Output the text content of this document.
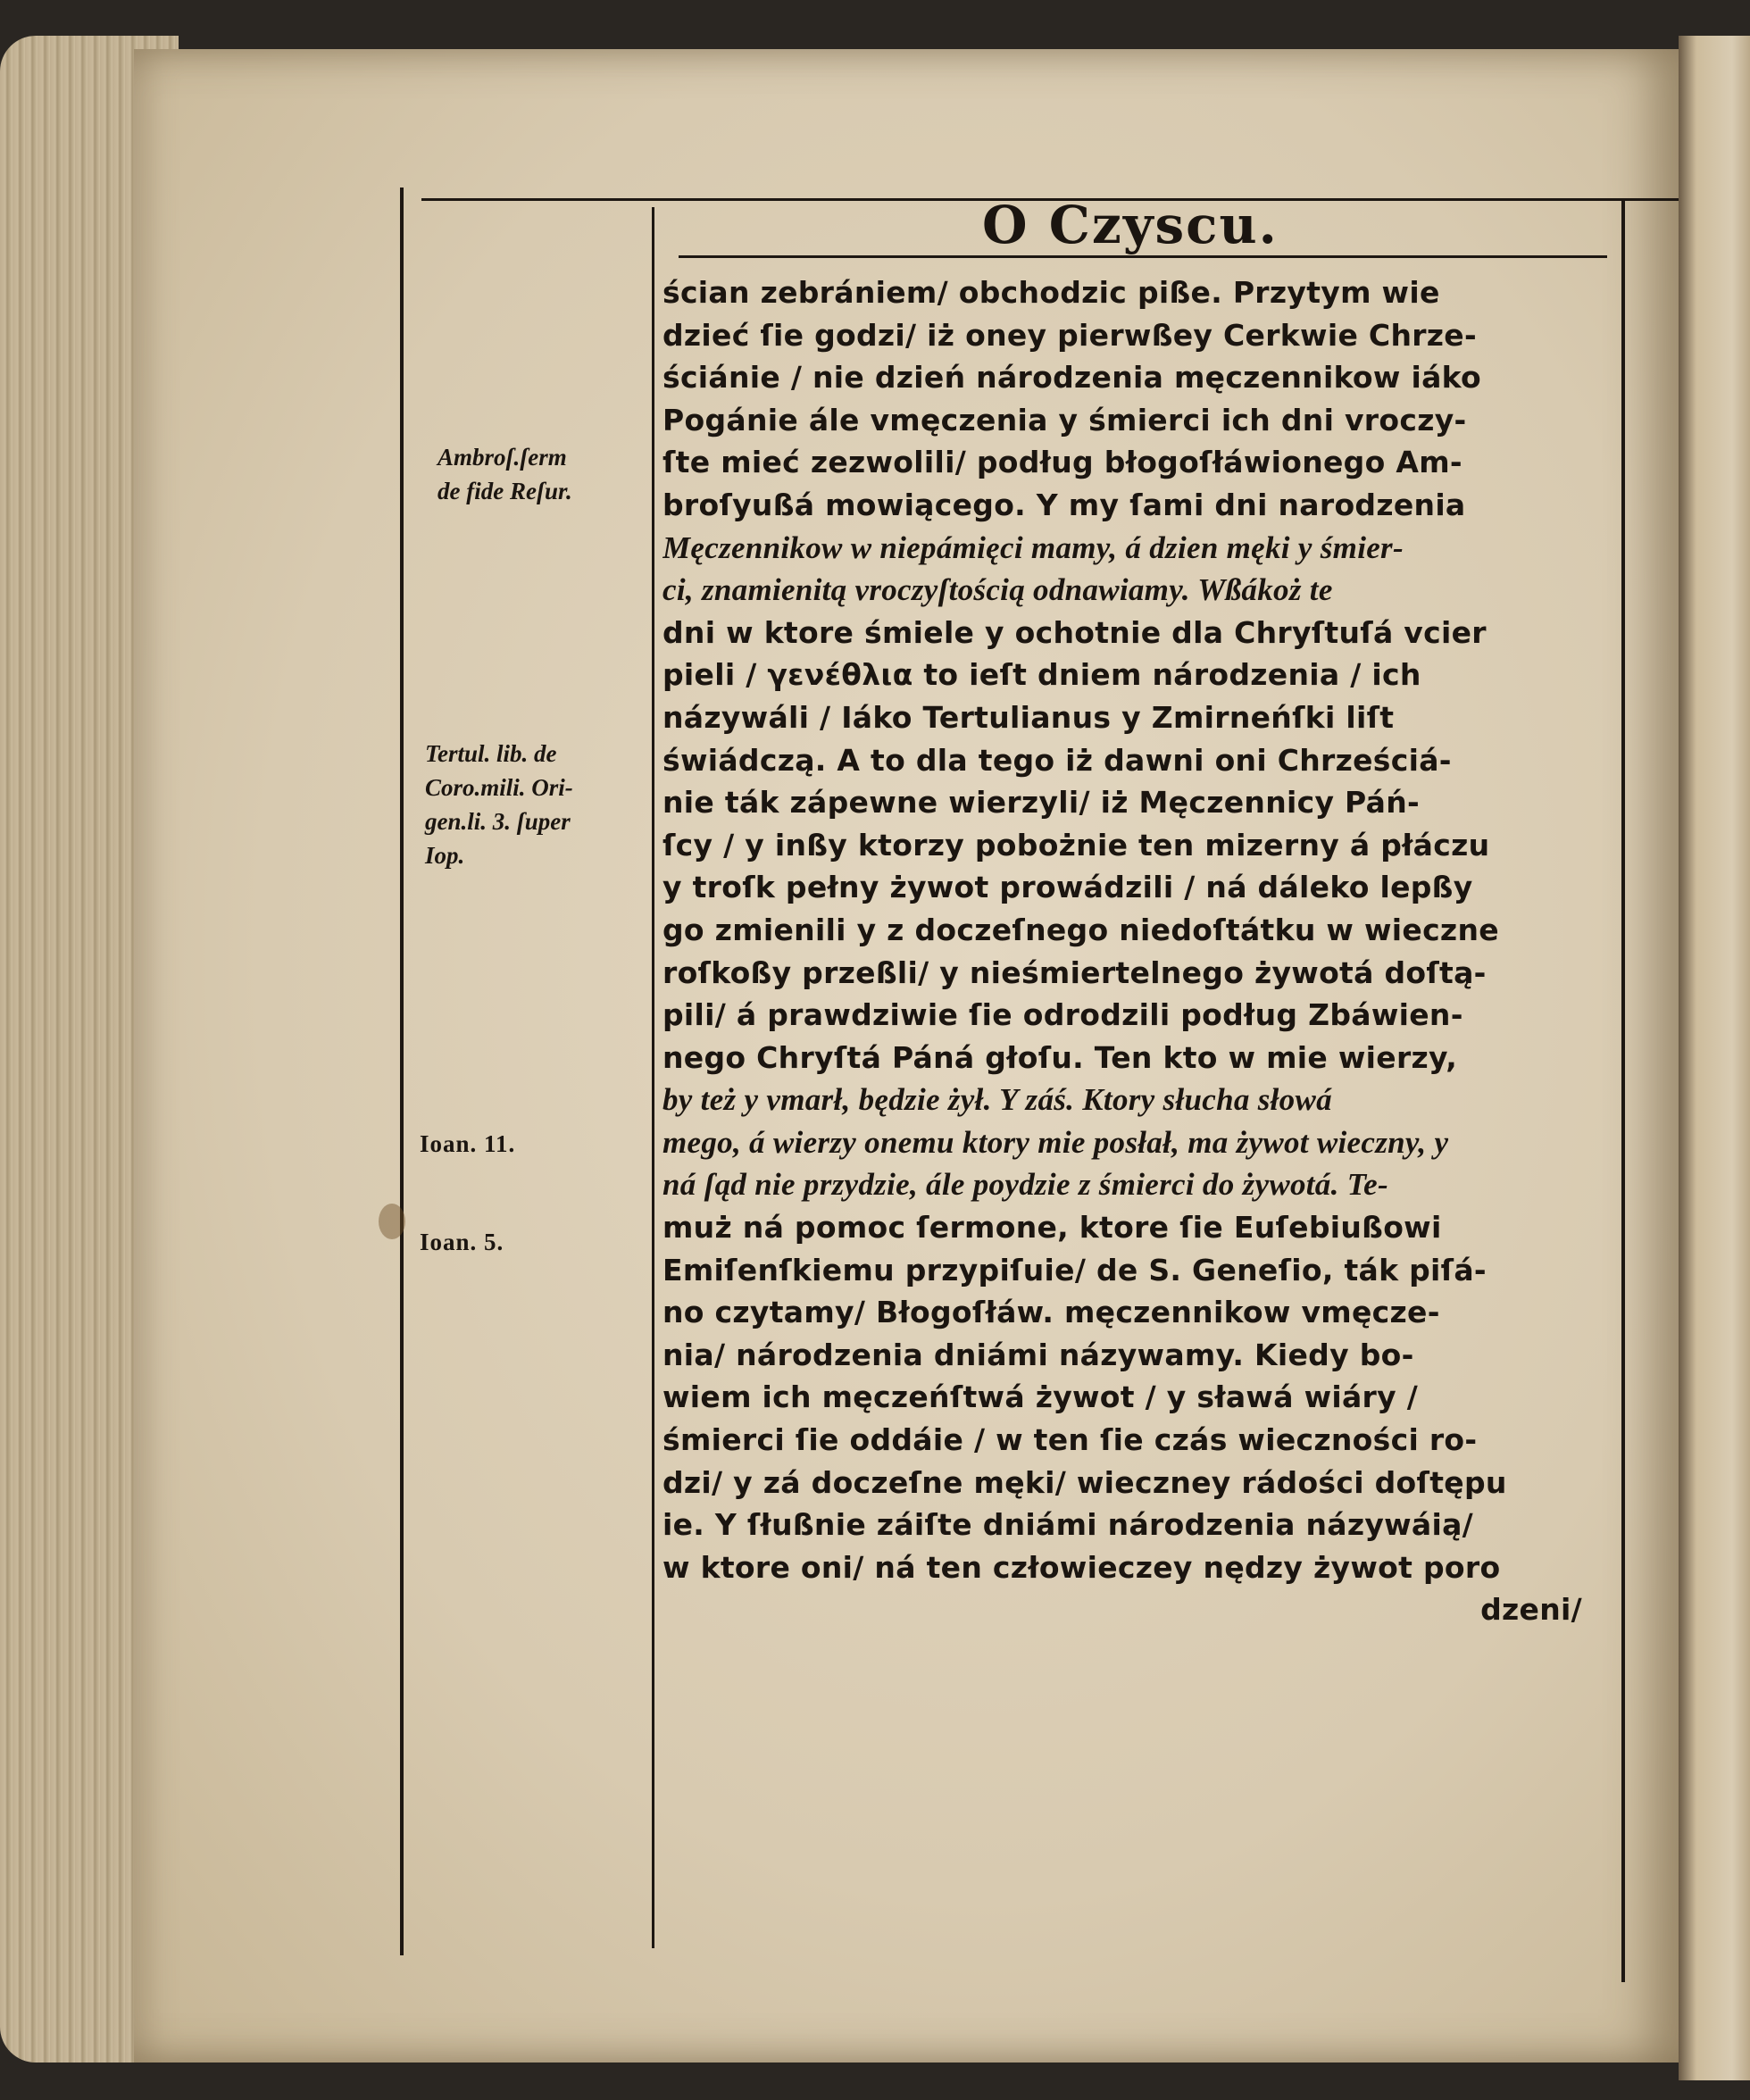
O Czyscu.
Ambroſ.ſerm
de fide Reſur.
Tertul. lib. de
Coro.mili. Ori-
gen.li. 3. ſuper
Iop.
Ioan. 11.
Ioan. 5.
ścian zebrániem/ obchodzic piße. Przytym wie
dzieć ſie godzi/ iż oney pierwßey Cerkwie Chrze-
ściánie / nie dzień národzenia męczennikow iáko
Pogánie ále vmęczenia y śmierci ich dni vroczy-
ſte mieć zezwolili/ podług błogoſłáwionego Am-
broſyußá mowiącego. Y my ſami dni narodzenia
Męczennikow w niepámięci mamy, á dzien męki y śmier-
ci, znamienitą vroczyſtością odnawiamy. Wßákoż te
dni w ktore śmiele y ochotnie dla Chryſtuſá vcier
pieli / γενέθλια to ieſt dniem národzenia / ich
názywáli / Iáko Tertulianus y Zmirneńſki liſt
świádczą. A to dla tego iż dawni oni Chrześciá-
nie ták zápewne wierzyli/ iż Męczennicy Páń-
ſcy / y inßy ktorzy pobożnie ten mizerny á płáczu
y troſk pełny żywot prowádzili / ná dáleko lepßy
go zmienili y z doczeſnego niedoſtátku w wieczne
roſkoßy przeßli/ y nieśmiertelnego żywotá doſtą-
pili/ á prawdziwie ſie odrodzili podług Zbáwien-
nego Chryſtá Páná głoſu. Ten kto w mie wierzy,
by też y vmarł, będzie żył. Y záś. Ktory słucha słowá
mego, á wierzy onemu ktory mie posłał, ma żywot wieczny, y
ná ſąd nie przydzie, ále poydzie z śmierci do żywotá. Te-
muż ná pomoc ſermone, ktore ſie Euſebiußowi
Emiſenſkiemu przypiſuie/ de S. Geneſio, ták piſá-
no czytamy/ Błogoſłáw. męczennikow vmęcze-
nia/ národzenia dniámi názywamy. Kiedy bo-
wiem ich męczeńſtwá żywot / y sławá wiáry /
śmierci ſie oddáie / w ten ſie czás wieczności ro-
dzi/ y zá doczeſne męki/ wieczney rádości doſtępu
ie. Y ſłußnie záiſte dniámi národzenia názywáią/
w ktore oni/ ná ten człowieczey nędzy żywot poro
dzeni/
